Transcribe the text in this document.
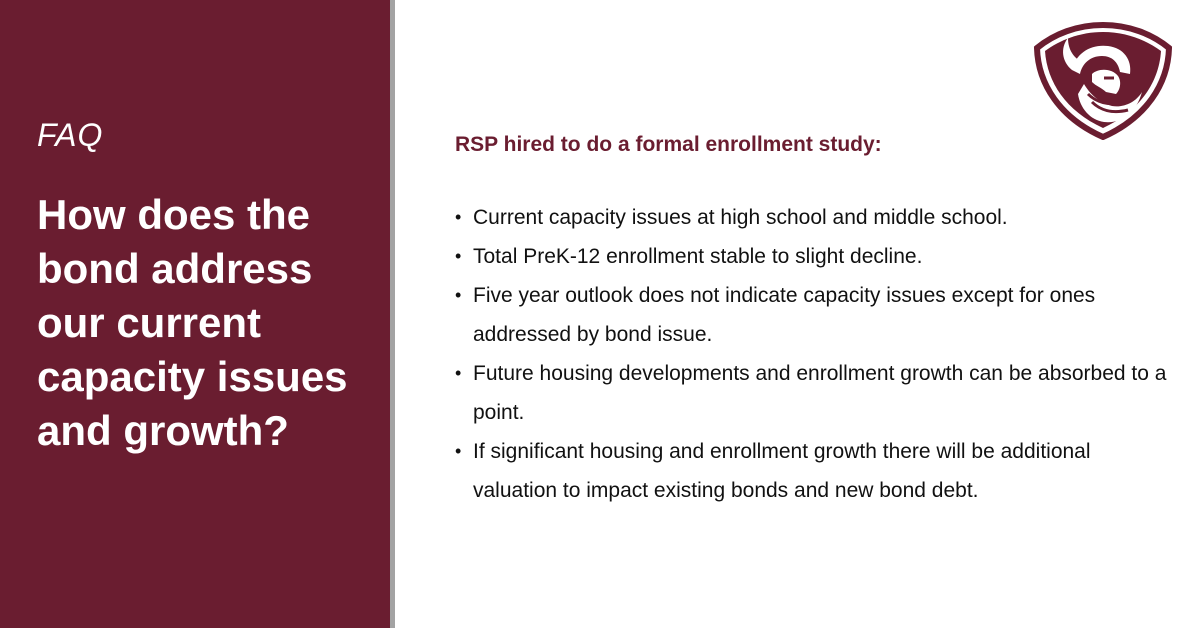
FAQ
How does the bond address our current capacity issues and growth?
RSP hired to do a formal enrollment study:
• Current capacity issues at high school and middle school.
• Total PreK-12 enrollment stable to slight decline.
• Five year outlook does not indicate capacity issues except for ones addressed by bond issue.
• Future housing developments and enrollment growth can be absorbed to a point.
• If significant housing and enrollment growth there will be additional valuation to impact existing bonds and new bond debt.
